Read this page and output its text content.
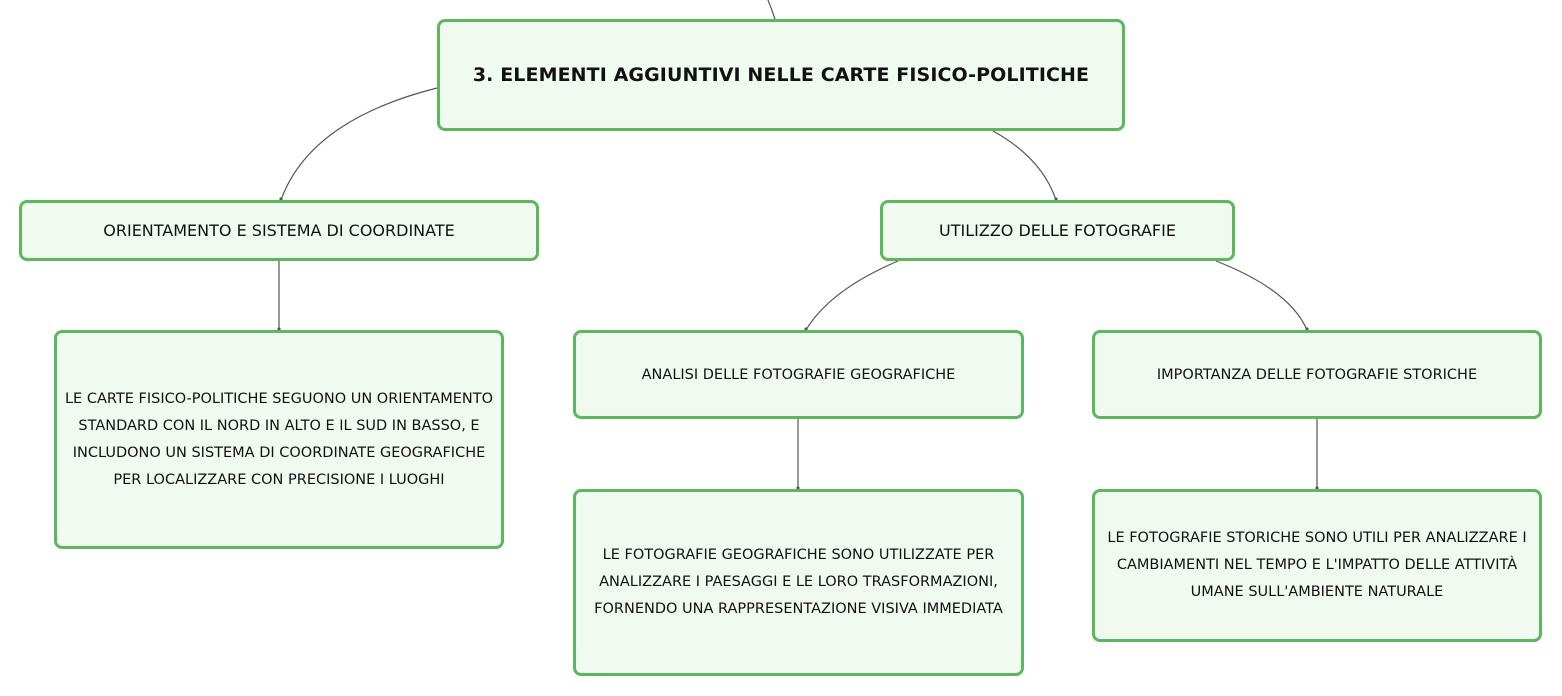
3. ELEMENTI AGGIUNTIVI NELLE CARTE FISICO-POLITICHE
ORIENTAMENTO E SISTEMA DI COORDINATE	UTILIZZO DELLE FOTOGRAFIE
LE CARTE FISICO-POLITICHE SEGUONO UN ORIENTAMENTO STANDARD CON IL NORD IN ALTO E IL SUD IN BASSO, E INCLUDONO UN SISTEMA DI COORDINATE GEOGRAFICHE PER LOCALIZZARE CON PRECISIONE I LUOGHI
ANALISI DELLE FOTOGRAFIE GEOGRAFICHE	IMPORTANZA DELLE FOTOGRAFIE STORICHE
LE FOTOGRAFIE GEOGRAFICHE SONO UTILIZZATE PER ANALIZZARE I PAESAGGI E LE LORO TRASFORMAZIONI, FORNENDO UNA RAPPRESENTAZIONE VISIVA IMMEDIATA
LE FOTOGRAFIE STORICHE SONO UTILI PER ANALIZZARE I CAMBIAMENTI NEL TEMPO E L'IMPATTO DELLE ATTIVITÀ UMANE SULL'AMBIENTE NATURALE
